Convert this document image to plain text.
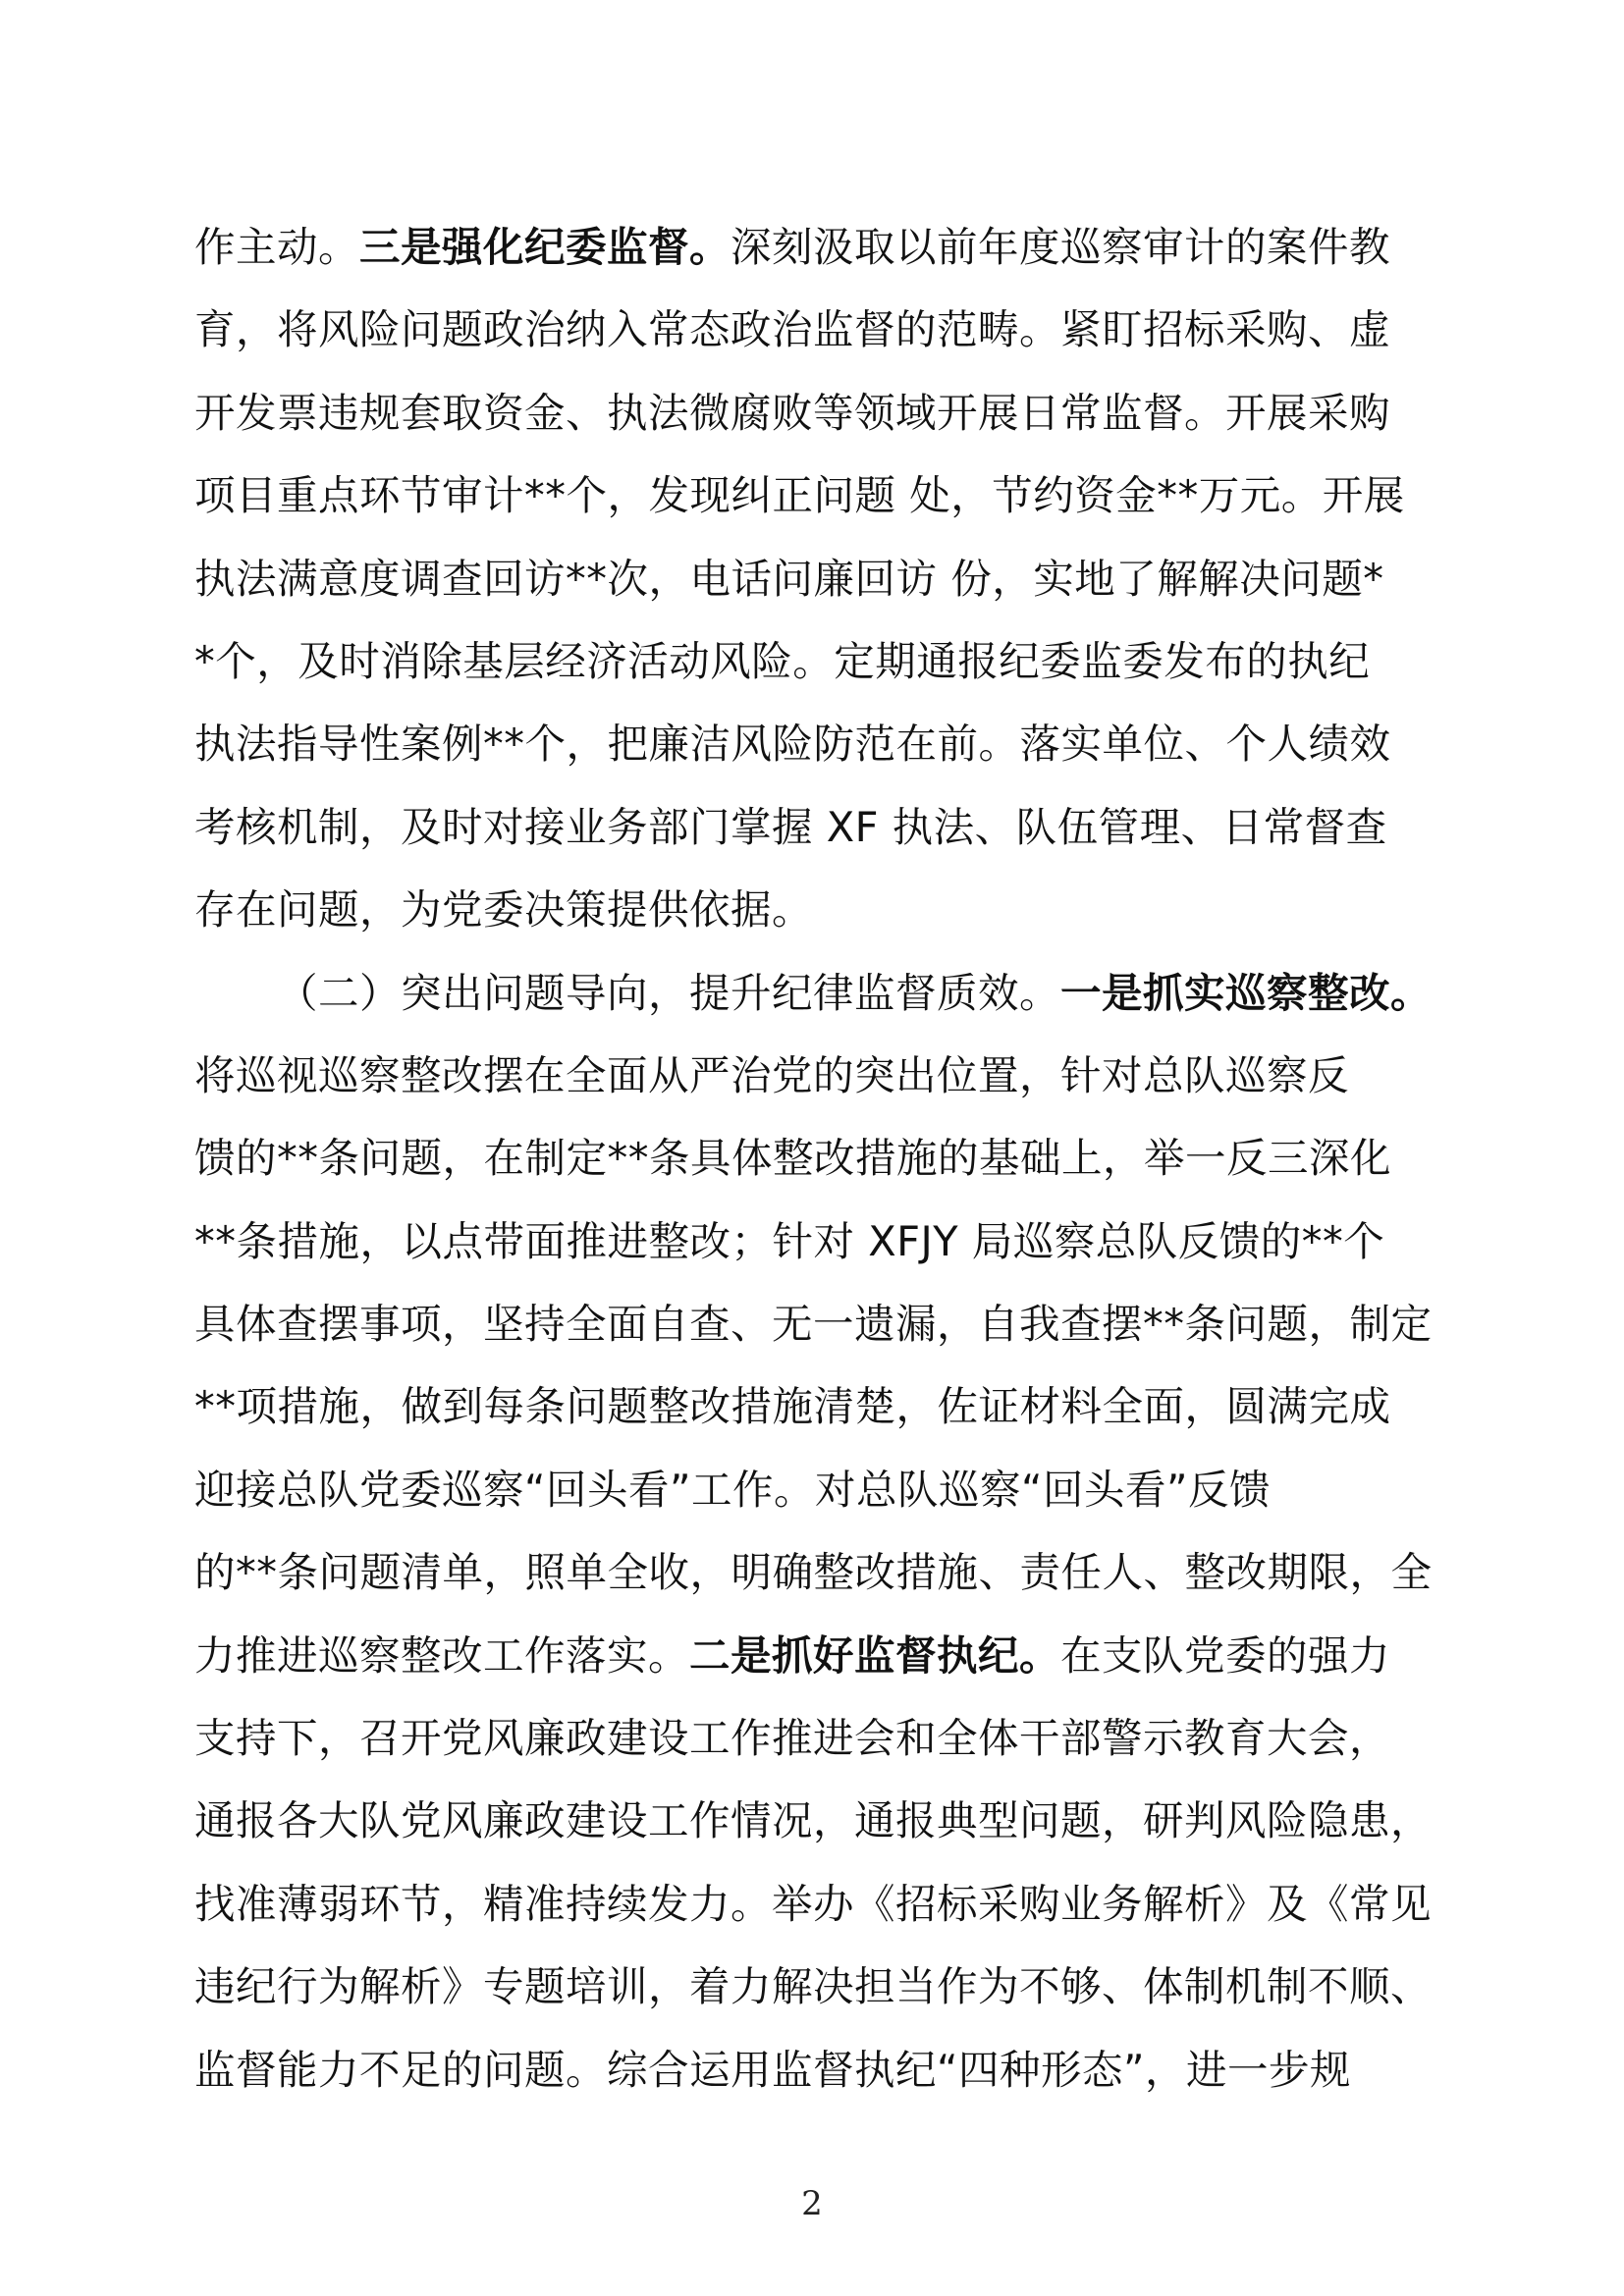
作主动。三是强化纪委监督。深刻汲取以前年度巡察审计的案件教
育，将风险问题政治纳入常态政治监督的范畴。紧盯招标采购、虚
开发票违规套取资金、执法微腐败等领域开展日常监督。开展采购
项目重点环节审计**个，发现纠正问题 处，节约资金**万元。开展
执法满意度调查回访**次，电话问廉回访 份，实地了解解决问题*
*个，及时消除基层经济活动风险。定期通报纪委监委发布的执纪
执法指导性案例**个，把廉洁风险防范在前。落实单位、个人绩效
考核机制，及时对接业务部门掌握 XF 执法、队伍管理、日常督查
存在问题，为党委决策提供依据。
（二）突出问题导向，提升纪律监督质效。一是抓实巡察整改。
将巡视巡察整改摆在全面从严治党的突出位置，针对总队巡察反
馈的**条问题，在制定**条具体整改措施的基础上，举一反三深化
**条措施，以点带面推进整改；针对 XFJY 局巡察总队反馈的**个
具体查摆事项，坚持全面自查、无一遗漏，自我查摆**条问题，制定
**项措施，做到每条问题整改措施清楚，佐证材料全面，圆满完成
迎接总队党委巡察“回头看”工作。对总队巡察“回头看”反馈
的**条问题清单，照单全收，明确整改措施、责任人、整改期限，全
力推进巡察整改工作落实。二是抓好监督执纪。在支队党委的强力
支持下，召开党风廉政建设工作推进会和全体干部警示教育大会，
通报各大队党风廉政建设工作情况，通报典型问题，研判风险隐患，
找准薄弱环节，精准持续发力。举办《招标采购业务解析》及《常见
违纪行为解析》专题培训，着力解决担当作为不够、体制机制不顺、
监督能力不足的问题。综合运用监督执纪“四种形态”，进一步规
2
